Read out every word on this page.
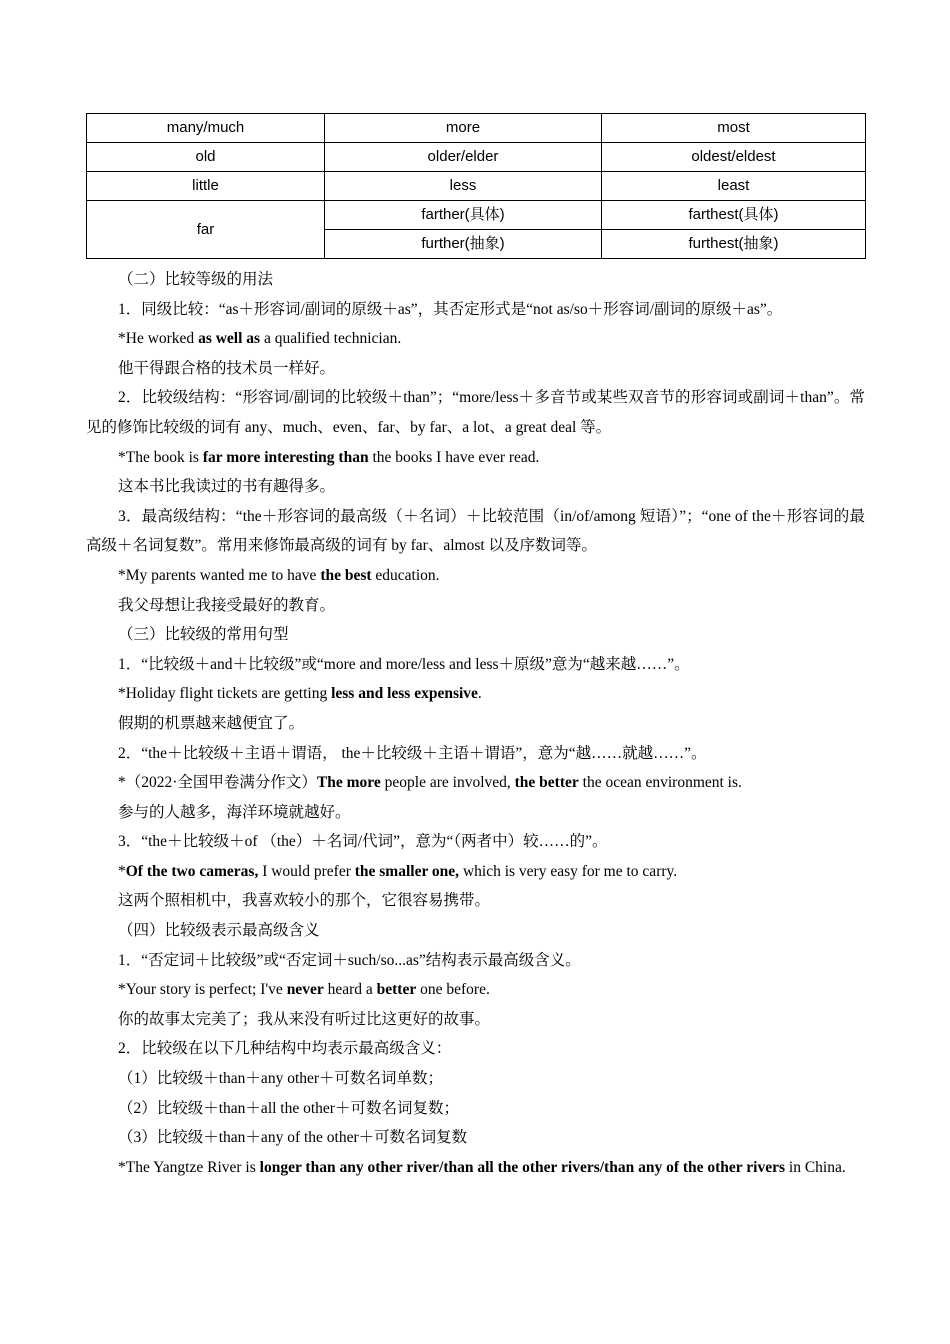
many/much	more	most
old	older/elder	oldest/eldest
little	less	least
far	farther(具体)	farthest(具体)
	further(抽象)	furthest(抽象)

（二）比较等级的用法

1．同级比较：“as＋形容词/副词的原级＋as”，其否定形式是“not as/so＋形容词/副词的原级＋as”。

*He worked as well as a qualified technician.

他干得跟合格的技术员一样好。

2．比较级结构：“形容词/副词的比较级＋than”；“more/less＋多音节或某些双音节的形容词或副词＋than”。常见的修饰比较级的词有 any、much、even、far、by far、a lot、a great deal 等。

*The book is far more interesting than the books I have ever read.

这本书比我读过的书有趣得多。

3．最高级结构：“the＋形容词的最高级（＋名词）＋比较范围（in/of/among 短语）”；“one of the＋形容词的最高级＋名词复数”。常用来修饰最高级的词有 by far、almost 以及序数词等。

*My parents wanted me to have the best education.

我父母想让我接受最好的教育。

（三）比较级的常用句型

1．“比较级＋and＋比较级”或“more and more/less and less＋原级”意为“越来越……”。

*Holiday flight tickets are getting less and less expensive.

假期的机票越来越便宜了。

2．“the＋比较级＋主语＋谓语， the＋比较级＋主语＋谓语”，意为“越……就越……”。

*（2022·全国甲卷满分作文）The more people are involved, the better the ocean environment is.

参与的人越多，海洋环境就越好。

3．“the＋比较级＋of （the）＋名词/代词”，意为“（两者中）较……的”。

*Of the two cameras, I would prefer the smaller one, which is very easy for me to carry.

这两个照相机中，我喜欢较小的那个，它很容易携带。

（四）比较级表示最高级含义

1．“否定词＋比较级”或“否定词＋such/so...as”结构表示最高级含义。

*Your story is perfect; I've never heard a better one before.

你的故事太完美了；我从来没有听过比这更好的故事。

2．比较级在以下几种结构中均表示最高级含义：

（1）比较级＋than＋any other＋可数名词单数；

（2）比较级＋than＋all the other＋可数名词复数；

（3）比较级＋than＋any of the other＋可数名词复数

*The Yangtze River is longer than any other river/than all the other rivers/than any of the other rivers in China.
